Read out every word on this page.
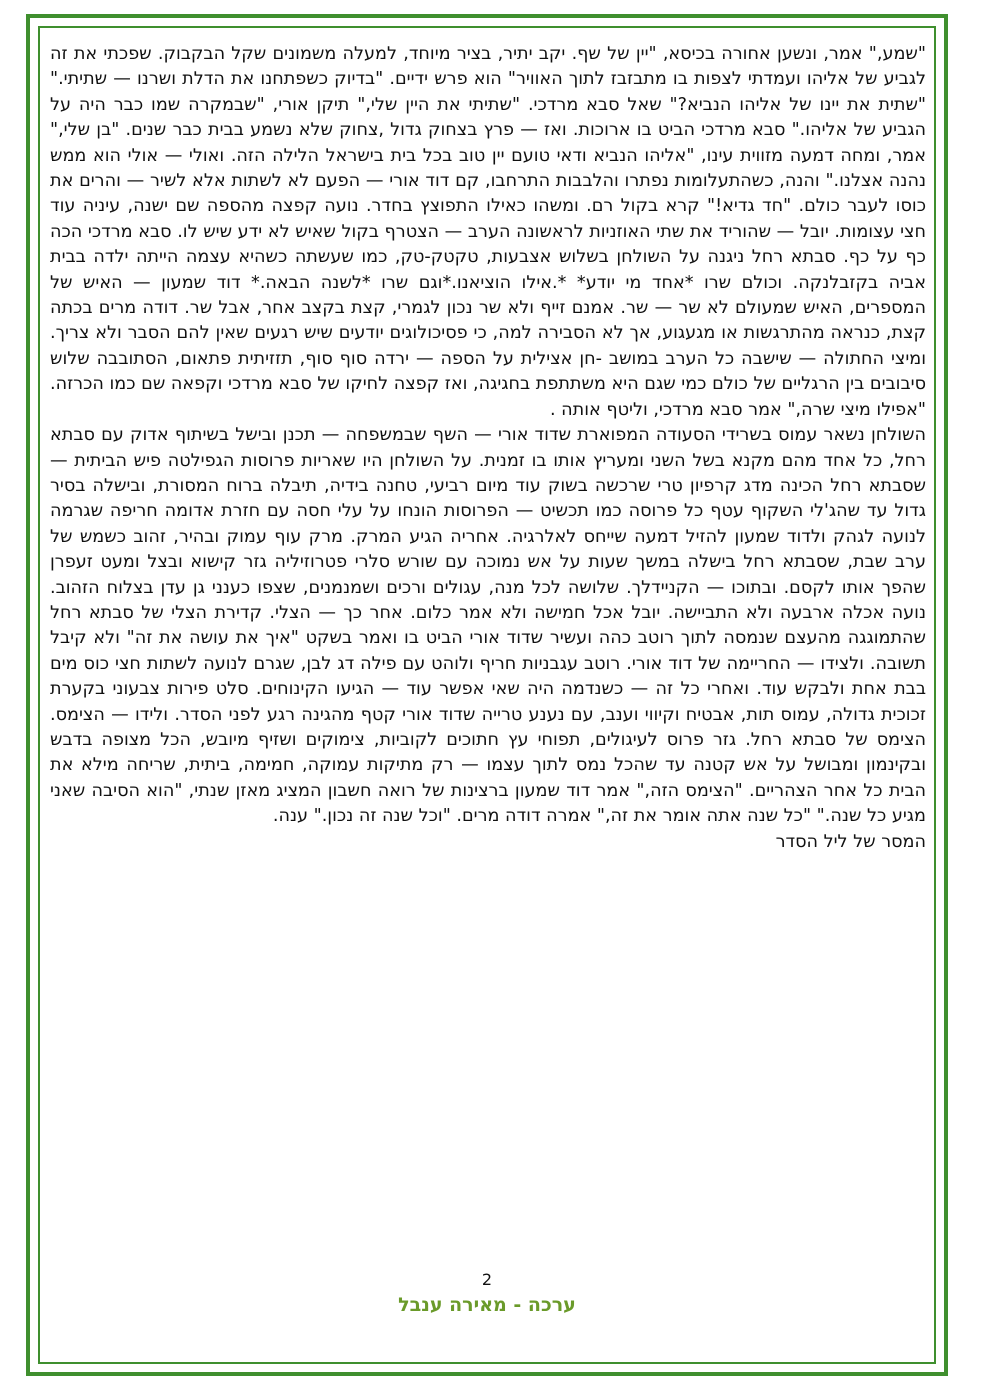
"שמע," אמר, ונשען אחורה בכיסא, "יין של שף. יקב יתיר, בציר מיוחד, למעלה משמונים שקל הבקבוק. שפכתי את זה לגביע של אליהו ועמדתי לצפות בו מתבזבז לתוך האוויר" הוא פרש ידיים. "בדיוק כשפתחנו את הדלת ושרנו — שתיתי." "שתית את יינו של אליהו הנביא?" שאל סבא מרדכי. "שתיתי את היין שלי," תיקן אורי, "שבמקרה שמו כבר היה על הגביע של אליהו." סבא מרדכי הביט בו ארוכות. ואז — פרץ בצחוק גדול ,צחוק שלא נשמע בבית כבר שנים. "בן שלי," אמר, ומחה דמעה מזווית עינו, "אליהו הנביא ודאי טועם יין טוב בכל בית בישראל הלילה הזה. ואולי — אולי הוא ממש נהנה אצלנו." והנה, כשהתעלומות נפתרו והלבבות התרחבו, קם דוד אורי — הפעם לא לשתות אלא לשיר — והרים את כוסו לעבר כולם. "חד גדיא!" קרא בקול רם. ומשהו כאילו התפוצץ בחדר. נועה קפצה מהספה שם ישנה, עיניה עוד חצי עצומות. יובל — שהוריד את שתי האוזניות לראשונה הערב — הצטרף בקול שאיש לא ידע שיש לו. סבא מרדכי הכה כף על כף. סבתא רחל ניגנה על השולחן בשלוש אצבעות, טקטק-טק, כמו שעשתה כשהיא עצמה הייתה ילדה בבית אביה בקזבלנקה. וכולם שרו *אחד מי יודע* *.אילו הוציאנו.*וגם שרו *לשנה הבאה.* דוד שמעון — האיש של המספרים, האיש שמעולם לא שר — שר. אמנם זייף ולא שר נכון לגמרי, קצת בקצב אחר, אבל שר. דודה מרים בכתה קצת, כנראה מהתרגשות או מגעגוע, אך לא הסבירה למה, כי פסיכולוגים יודעים שיש רגעים שאין להם הסבר ולא צריך. ומיצי החתולה — שישבה כל הערב במושב -חן אצילית על הספה — ירדה סוף סוף, תזזיתית פתאום, הסתובבה שלוש סיבובים בין הרגליים של כולם כמי שגם היא משתתפת בחגיגה, ואז קפצה לחיקו של סבא מרדכי וקפאה שם כמו הכרזה. "אפילו מיצי שרה," אמר סבא מרדכי, וליטף אותה .

השולחן נשאר עמוס בשרידי הסעודה המפוארת שדוד אורי — השף שבמשפחה — תכנן ובישל בשיתוף אדוק עם סבתא רחל, כל אחד מהם מקנא בשל השני ומעריץ אותו בו זמנית. על השולחן היו שאריות פרוסות הגפילטה פיש הביתית — שסבתא רחל הכינה מדג קרפיון טרי שרכשה בשוק עוד מיום רביעי, טחנה בידיה, תיבלה ברוח המסורת, ובישלה בסיר גדול עד שהג'לי השקוף עטף כל פרוסה כמו תכשיט — הפרוסות הונחו על עלי חסה עם חזרת אדומה חריפה שגרמה לנועה לגהק ולדוד שמעון להזיל דמעה שייחס לאלרגיה. אחריה הגיע המרק. מרק עוף עמוק ובהיר, זהוב כשמש של ערב שבת, שסבתא רחל בישלה במשך שעות על אש נמוכה עם שורש סלרי פטרוזיליה גזר קישוא ובצל ומעט זעפרן שהפך אותו לקסם. ובתוכו — הקניידלך. שלושה לכל מנה, עגולים ורכים ושמנמנים, שצפו כענני גן עדן בצלוח הזהוב. נועה אכלה ארבעה ולא התביישה. יובל אכל חמישה ולא אמר כלום. אחר כך — הצלי. קדירת הצלי של סבתא רחל שהתמוגגה מהעצם שנמסה לתוך רוטב כהה ועשיר שדוד אורי הביט בו ואמר בשקט "איך את עושה את זה" ולא קיבל תשובה. ולצידו — החריימה של דוד אורי. רוטב עגבניות חריף ולוהט עם פילה דג לבן, שגרם לנועה לשתות חצי כוס מים בבת אחת ולבקש עוד. ואחרי כל זה — כשנדמה היה שאי אפשר עוד — הגיעו הקינוחים. סלט פירות צבעוני בקערת זכוכית גדולה, עמוס תות, אבטיח וקיווי וענב, עם נענע טרייה שדוד אורי קטף מהגינה רגע לפני הסדר. ולידו — הצימס. הצימס של סבתא רחל. גזר פרוס לעיגולים, תפוחי עץ חתוכים לקוביות, צימוקים ושזיף מיובש, הכל מצופה בדבש ובקינמון ומבושל על אש קטנה עד שהכל נמס לתוך עצמו — רק מתיקות עמוקה, חמימה, ביתית, שריחה מילא את הבית כל אחר הצהריים. "הצימס הזה," אמר דוד שמעון ברצינות של רואה חשבון המציג מאזן שנתי, "הוא הסיבה שאני מגיע כל שנה." "כל שנה אתה אומר את זה," אמרה דודה מרים. "וכל שנה זה נכון." ענה.

המסר של ליל הסדר

2
ערכה - מאירה ענבל
